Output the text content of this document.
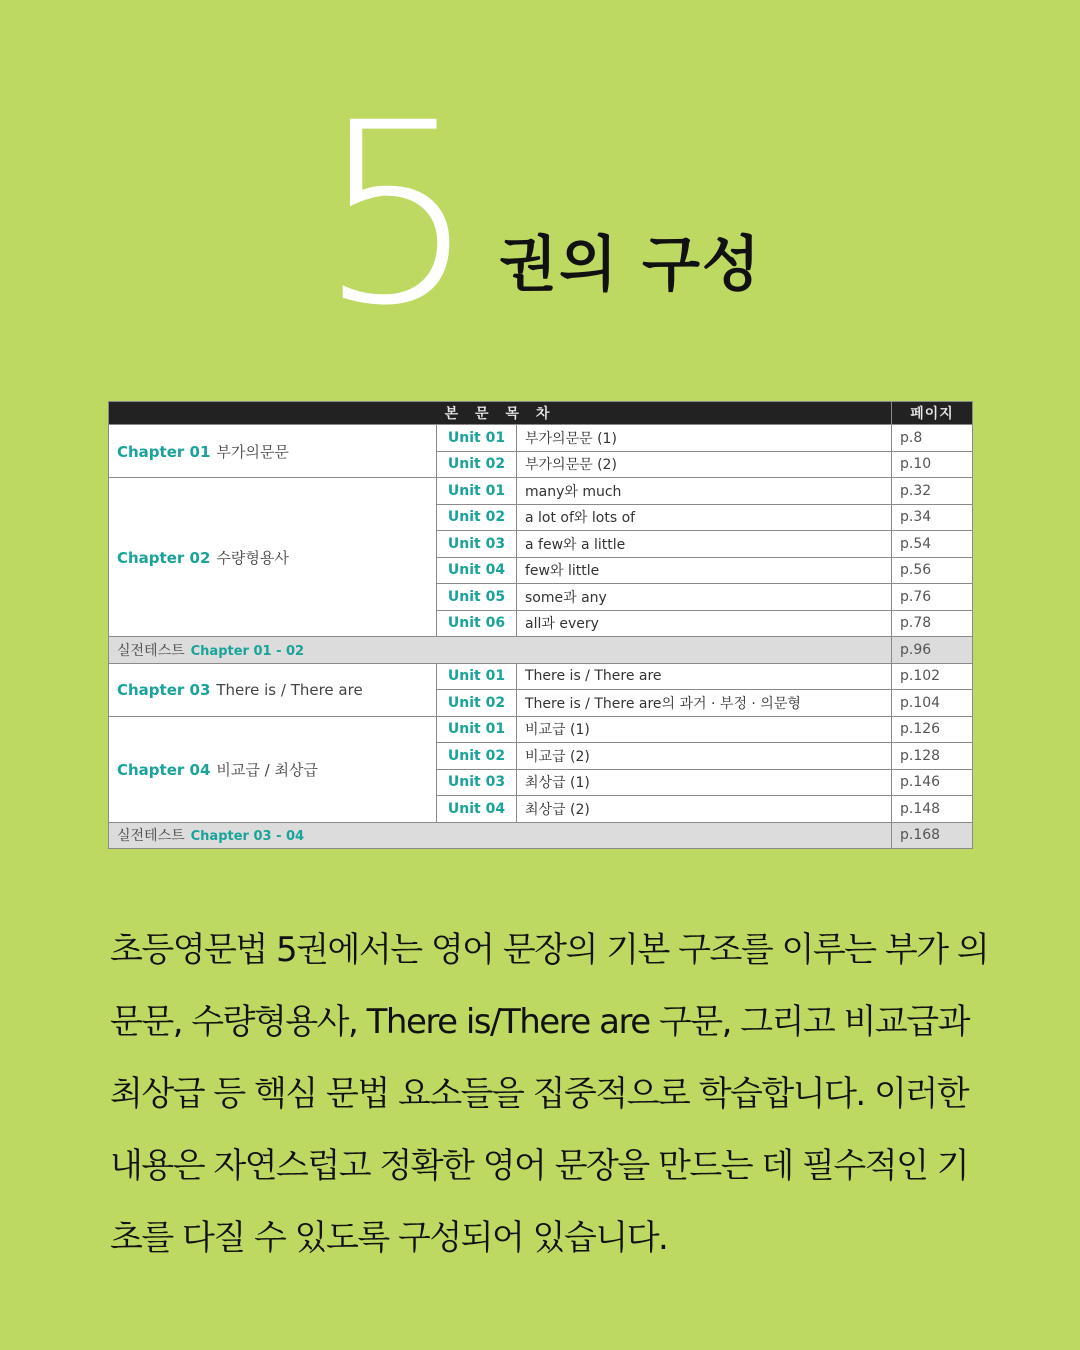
5 권의 구성
본 문 목 차			페이지
Chapter 01 부가의문문	Unit 01	부가의문문 (1)	p.8
	Unit 02	부가의문문 (2)	p.10
Chapter 02 수량형용사	Unit 01	many와 much	p.32
	Unit 02	a lot of와 lots of	p.34
	Unit 03	a few와 a little	p.54
	Unit 04	few와 little	p.56
	Unit 05	some과 any	p.76
	Unit 06	all과 every	p.78
실전테스트 Chapter 01 - 02			p.96
Chapter 03 There is / There are	Unit 01	There is / There are	p.102
	Unit 02	There is / There are의 과거 · 부정 · 의문형	p.104
Chapter 04 비교급 / 최상급	Unit 01	비교급 (1)	p.126
	Unit 02	비교급 (2)	p.128
	Unit 03	최상급 (1)	p.146
	Unit 04	최상급 (2)	p.148
실전테스트 Chapter 03 - 04			p.168

초등영문법 5권에서는 영어 문장의 기본 구조를 이루는 부가 의문문, 수량형용사, There is/There are 구문, 그리고 비교급과 최상급 등 핵심 문법 요소들을 집중적으로 학습합니다. 이러한 내용은 자연스럽고 정확한 영어 문장을 만드는 데 필수적인 기초를 다질 수 있도록 구성되어 있습니다.
